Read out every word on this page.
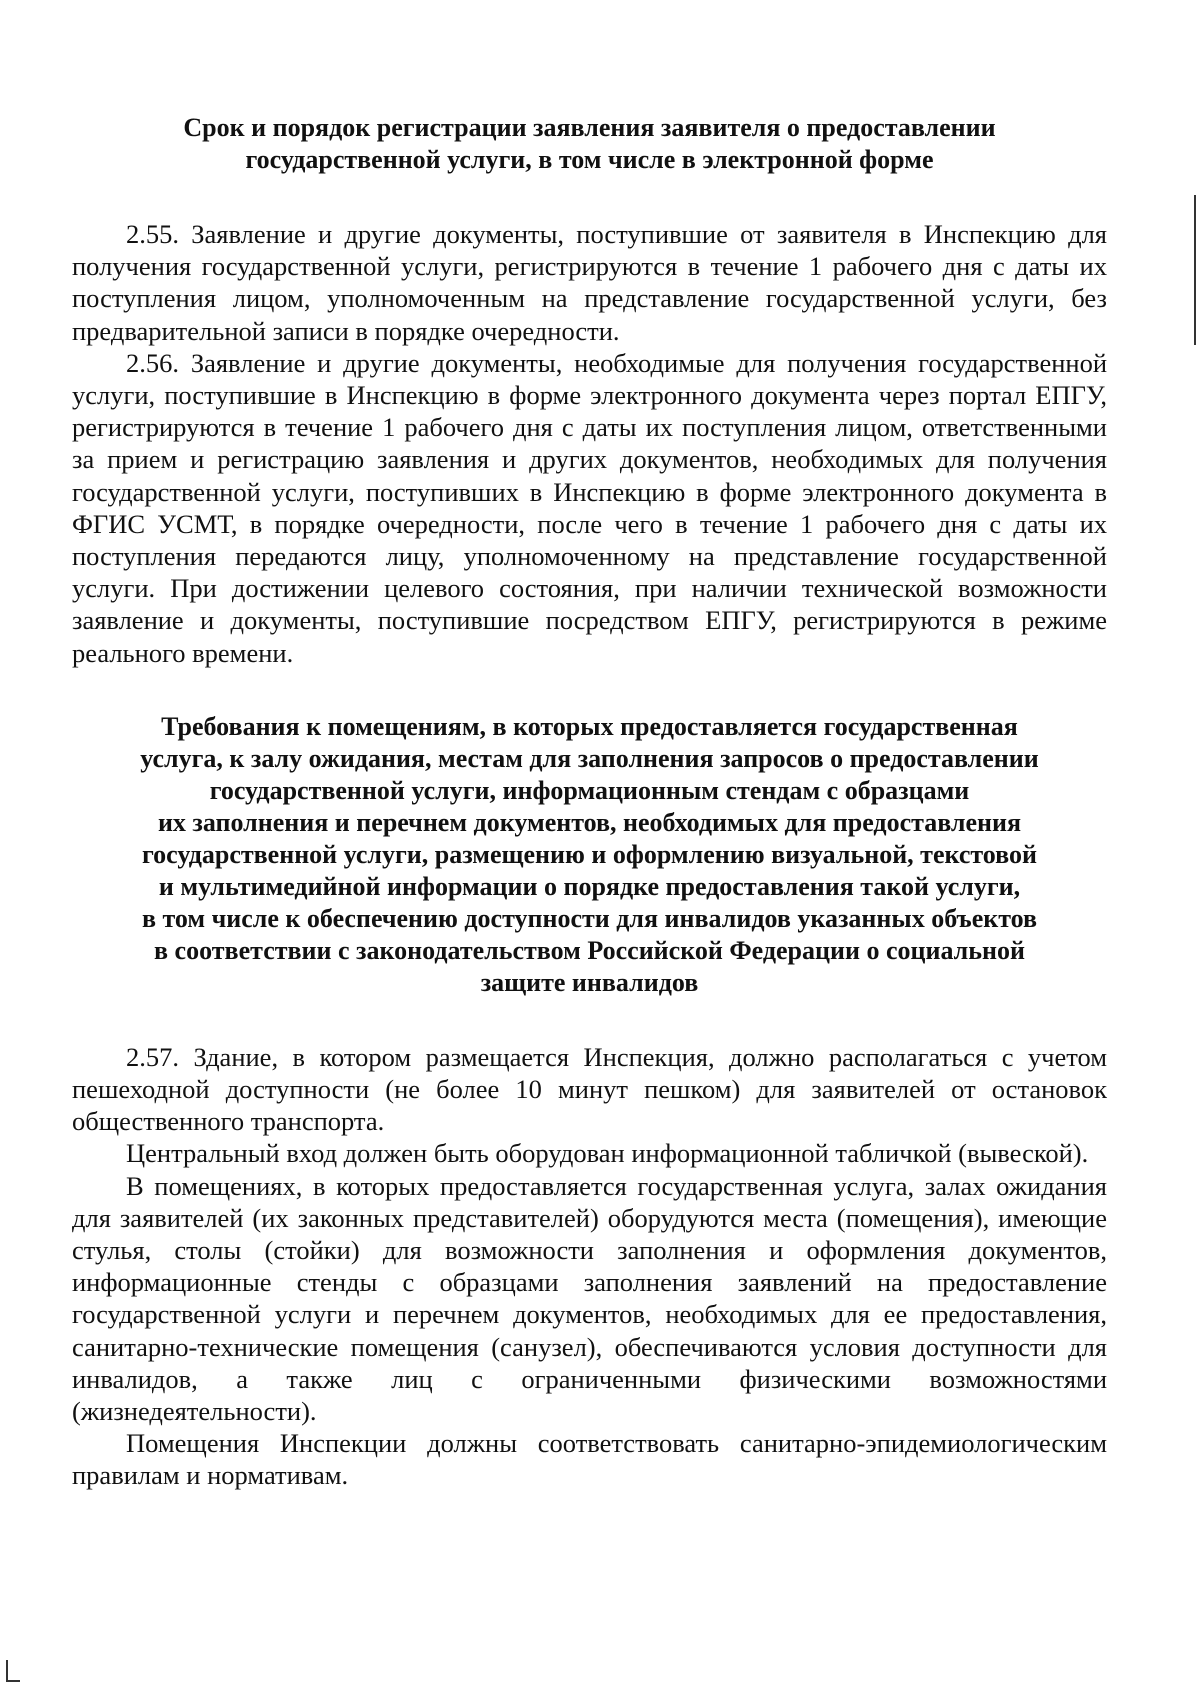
Срок и порядок регистрации заявления заявителя о предоставлении
государственной услуги, в том числе в электронной форме

2.55. Заявление и другие документы, поступившие от заявителя в Инспекцию для получения государственной услуги, регистрируются в течение 1 рабочего дня с даты их поступления лицом, уполномоченным на представление государственной услуги, без предварительной записи в порядке очередности.

2.56. Заявление и другие документы, необходимые для получения государственной услуги, поступившие в Инспекцию в форме электронного документа через портал ЕПГУ, регистрируются в течение 1 рабочего дня с даты их поступления лицом, ответственными за прием и регистрацию заявления и других документов, необходимых для получения государственной услуги, поступивших в Инспекцию в форме электронного документа в ФГИС УСМТ, в порядке очередности, после чего в течение 1 рабочего дня с даты их поступления передаются лицу, уполномоченному на представление государственной услуги. При достижении целевого состояния, при наличии технической возможности заявление и документы, поступившие посредством ЕПГУ, регистрируются в режиме реального времени.

Требования к помещениям, в которых предоставляется государственная
услуга, к залу ожидания, местам для заполнения запросов о предоставлении
государственной услуги, информационным стендам с образцами
их заполнения и перечнем документов, необходимых для предоставления
государственной услуги, размещению и оформлению визуальной, текстовой
и мультимедийной информации о порядке предоставления такой услуги,
в том числе к обеспечению доступности для инвалидов указанных объектов
в соответствии с законодательством Российской Федерации о социальной
защите инвалидов

2.57. Здание, в котором размещается Инспекция, должно располагаться с учетом пешеходной доступности (не более 10 минут пешком) для заявителей от остановок общественного транспорта.

Центральный вход должен быть оборудован информационной табличкой (вывеской).

В помещениях, в которых предоставляется государственная услуга, залах ожидания для заявителей (их законных представителей) оборудуются места (помещения), имеющие стулья, столы (стойки) для возможности заполнения и оформления документов, информационные стенды с образцами заполнения заявлений на предоставление государственной услуги и перечнем документов, необходимых для ее предоставления, санитарно-технические помещения (санузел), обеспечиваются условия доступности для инвалидов, а также лиц с ограниченными физическими возможностями (жизнедеятельности).

Помещения Инспекции должны соответствовать санитарно-эпидемиологическим правилам и нормативам.
